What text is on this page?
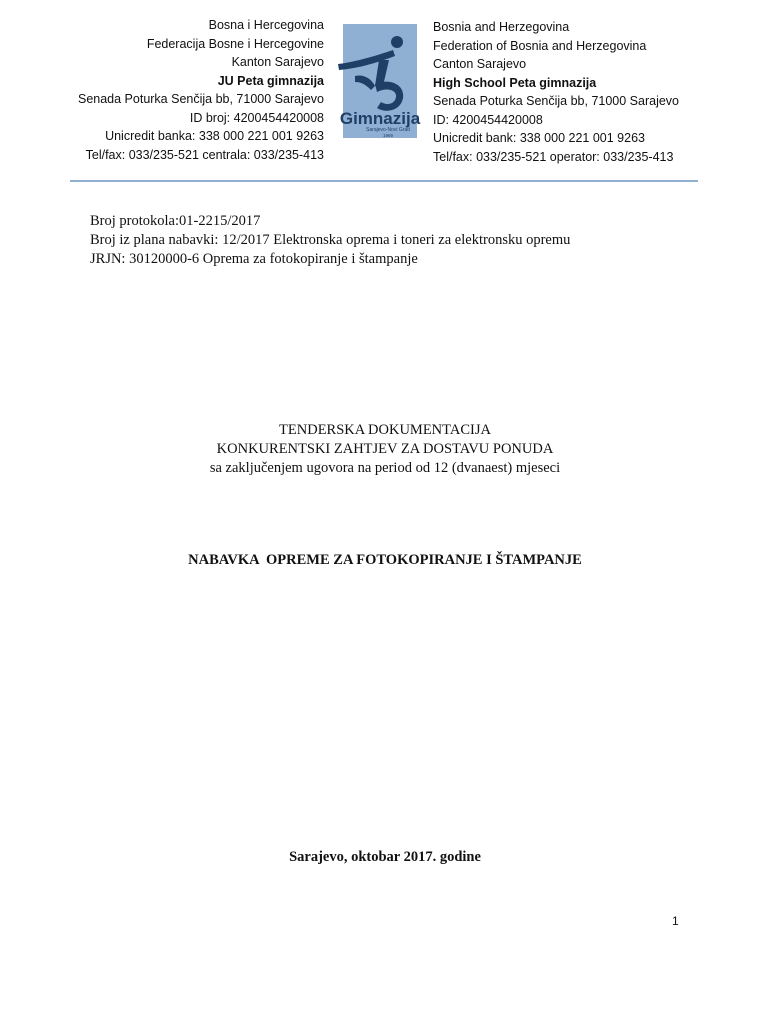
Bosna i Hercegovina
Federacija Bosne i Hercegovine
Kanton Sarajevo
JU Peta gimnazija
Senada Poturka Senčija bb, 71000 Sarajevo
ID broj: 4200454420008
Unicredit banka: 338 000 221 001 9263
Tel/fax: 033/235-521 centrala: 033/235-413
Gimnazija
Sarajevo-Novi Grad
1969
Bosnia and Herzegovina
Federation of Bosnia and Herzegovina
Canton Sarajevo
High School Peta gimnazija
Senada Poturka Senčija bb, 71000 Sarajevo
ID: 4200454420008
Unicredit bank: 338 000 221 001 9263
Tel/fax: 033/235-521 operator: 033/235-413
Broj protokola:01-2215/2017
Broj iz plana nabavki: 12/2017 Elektronska oprema i toneri za elektronsku opremu
JRJN: 30120000-6 Oprema za fotokopiranje i štampanje
TENDERSKA DOKUMENTACIJA
KONKURENTSKI ZAHTJEV ZA DOSTAVU PONUDA
sa zaključenjem ugovora na period od 12 (dvanaest) mjeseci
NABAVKA  OPREME ZA FOTOKOPIRANJE I ŠTAMPANJE
Sarajevo, oktobar 2017. godine
1
